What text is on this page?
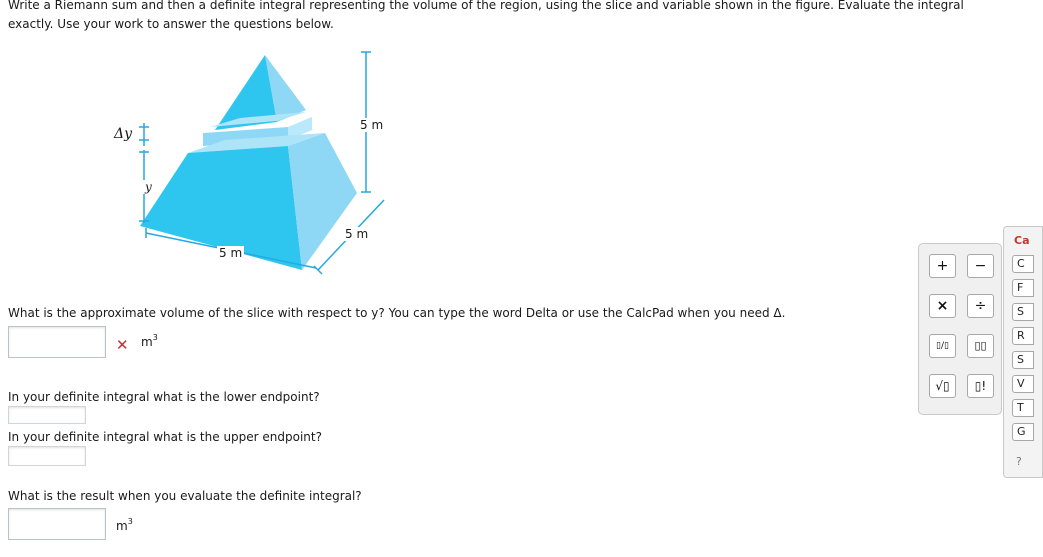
Write a Riemann sum and then a definite integral representing the volume of the region, using the slice and variable shown in the figure. Evaluate the integral
exactly. Use your work to answer the questions below.
Δy
y
5 m
5 m
5 m
What is the approximate volume of the slice with respect to y? You can type the word Delta or use the CalcPad when you need Δ.
✕ $m^3$
In your definite integral what is the lower endpoint?
In your definite integral what is the upper endpoint?
What is the result when you evaluate the definite integral?
$m^3$
+	−
×	÷
▯/▯	▯▯
√▯	▯!
Ca
C
F
S
R
S
V
T
G
?
